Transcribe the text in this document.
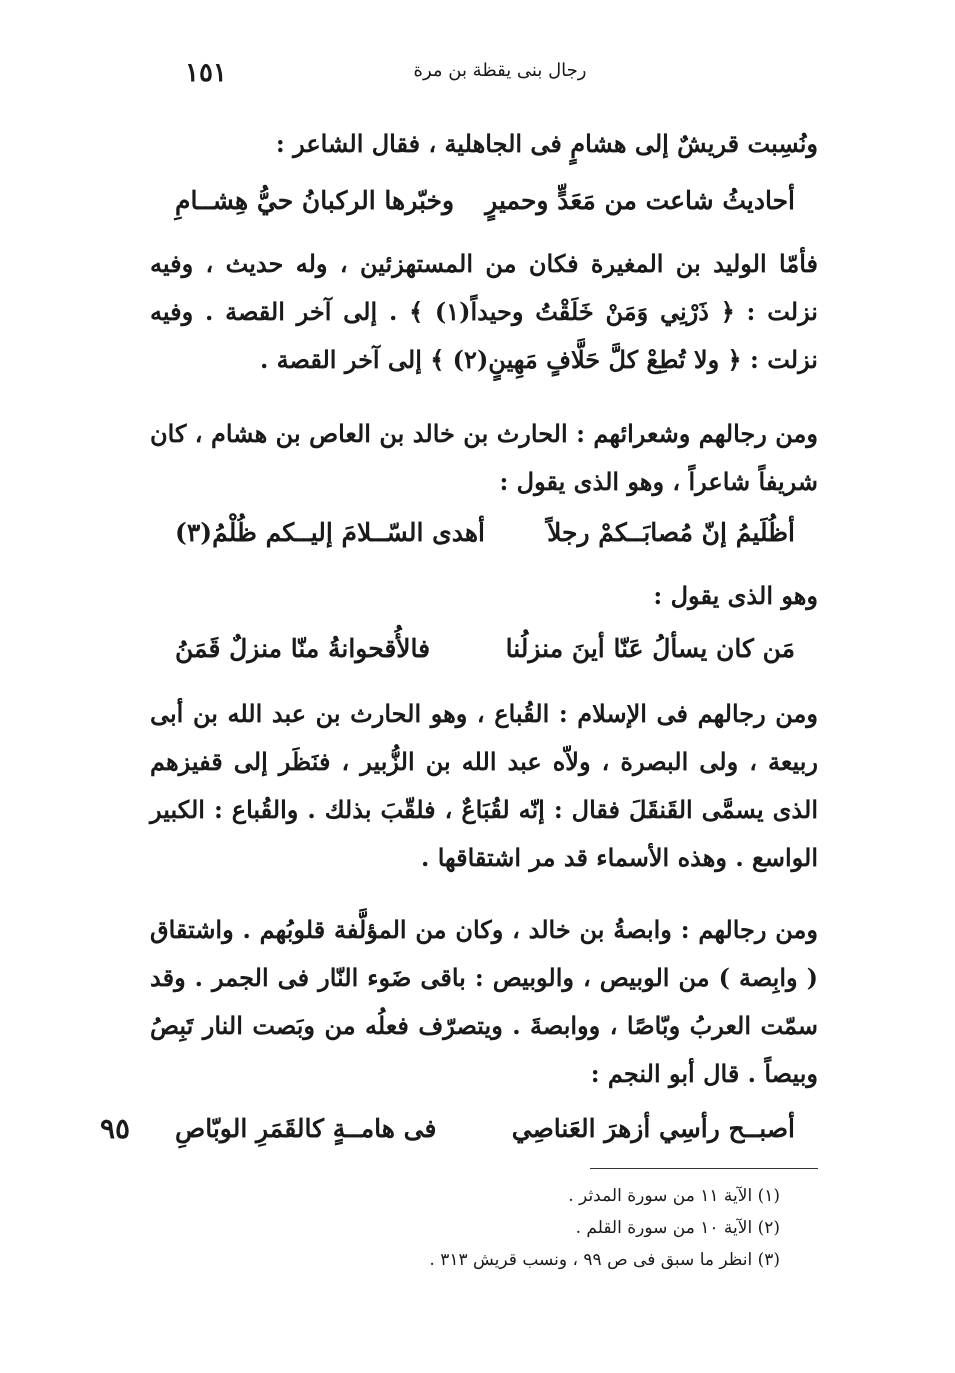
١٥١	رجال بنى يقظة بن مرة
ونُسِبت قريشٌ إلى هشامٍ فى الجاهلية ، فقال الشاعر :
أحاديثُ شاعت من مَعَدٍّ وحميرٍ
وخبّرها الركبانُ حيُّ هِشــامِ
فأمّا الوليد بن المغيرة فكان من المستهزئين ، وله حديث ، وفيه نزلت : ﴿ ذَرْنِي وَمَنْ خَلَقْتُ وحيداً(١) ﴾ . إلى آخر القصة . وفيه نزلت : ﴿ ولا تُطِعْ كلَّ حَلَّافٍ مَهِينٍ(٢) ﴾ إلى آخر القصة .
ومن رجالهم وشعرائهم : الحارث بن خالد بن العاص بن هشام ، كان شريفاً شاعراً ، وهو الذى يقول :
أظُلَيمُ إنّ مُصابَــكمْ رجلاً
أهدى السّــلامَ إليــكم ظُلْمُ(٣)
وهو الذى يقول :
مَن كان يسألُ عَنّا أينَ منزلُنا
فالأُقحوانةُ منّا منزلٌ قَمَنُ
ومن رجالهم فى الإسلام : القُباع ، وهو الحارث بن عبد الله بن أبى ربيعة ، ولى البصرة ، ولاّه عبد الله بن الزُّبير ، فنَظَر إلى قفيزهم الذى يسمَّى القَنقَلَ فقال : إنّه لقُبَاعٌ ، فلقّبَ بذلك . والقُباع : الكبير الواسع . وهذه الأسماء قد مر اشتقاقها .
ومن رجالهم : وابصةُ بن خالد ، وكان من المؤلَّفة قلوبُهم . واشتقاق ( وابِصة ) من الوبيص ، والوبيص : باقى ضَوء النّار فى الجمر . وقد سمّت العربُ وبّاصًا ، ووابصةَ . ويتصرّف فعلُه من وبَصت النار تَبِصُ وبيصاً . قال أبو النجم :
أصبــح رأسِي أزهرَ العَناصِي
فى هامــةٍ كالقَمَرِ الوبّاصِ
٩٥
(١) الآية ١١ من سورة المدثر .
(٢) الآية ١٠ من سورة القلم .
(٣) انظر ما سبق فى ص ٩٩ ، ونسب قريش ٣١٣ .
